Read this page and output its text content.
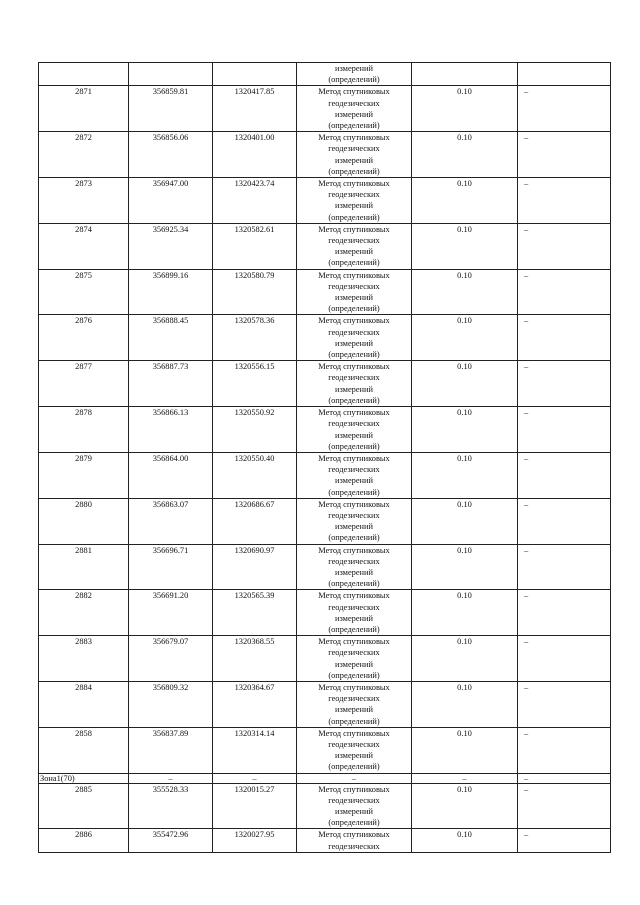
			измерений
(определений)		

2871	356859.81	1320417.85	Метод спутниковых
геодезических
измерений
(определений)	0.10	–
2872	356856.06	1320401.00	Метод спутниковых
геодезических
измерений
(определений)	0.10	–
2873	356947.00	1320423.74	Метод спутниковых
геодезических
измерений
(определений)	0.10	–
2874	356925.34	1320582.61	Метод спутниковых
геодезических
измерений
(определений)	0.10	–
2875	356899.16	1320580.79	Метод спутниковых
геодезических
измерений
(определений)	0.10	–
2876	356888.45	1320578.36	Метод спутниковых
геодезических
измерений
(определений)	0.10	–
2877	356887.73	1320556.15	Метод спутниковых
геодезических
измерений
(определений)	0.10	–
2878	356866.13	1320550.92	Метод спутниковых
геодезических
измерений
(определений)	0.10	–
2879	356864.00	1320550.40	Метод спутниковых
геодезических
измерений
(определений)	0.10	–
2880	356863.07	1320686.67	Метод спутниковых
геодезических
измерений
(определений)	0.10	–
2881	356696.71	1320690.97	Метод спутниковых
геодезических
измерений
(определений)	0.10	–
2882	356691.20	1320565.39	Метод спутниковых
геодезических
измерений
(определений)	0.10	–
2883	356679.07	1320368.55	Метод спутниковых
геодезических
измерений
(определений)	0.10	–
2884	356809.32	1320364.67	Метод спутниковых
геодезических
измерений
(определений)	0.10	–
2858	356837.89	1320314.14	Метод спутниковых
геодезических
измерений
(определений)	0.10	–
Зона1(70)	–	–	–	–	–
2885	355528.33	1320015.27	Метод спутниковых
геодезических
измерений
(определений)	0.10	–
2886	355472.96	1320027.95	Метод спутниковых
геодезических	0.10	–
